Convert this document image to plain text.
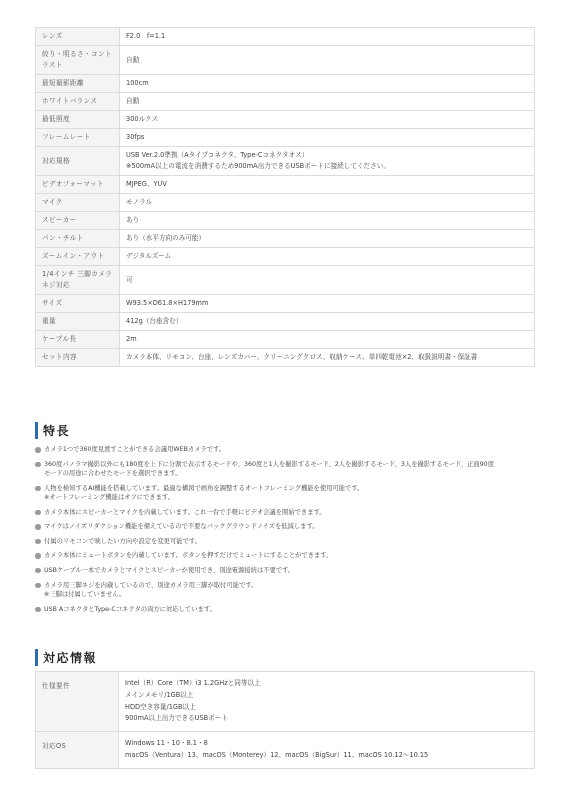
レンズ	F2.0　f=1.1

絞り・明るさ・コントラスト	自動

最短撮影距離	100cm

ホワイトバランス	自動

最低照度	300ルクス

フレームレート	30fps

対応規格	USB Ver.2.0準拠（Aタイプコネクタ、Type-Cコネクタオス）
※500mA以上の電流を消費するため900mA出力できるUSBポートに接続してください。

ビデオフォーマット	MJPEG、YUV

マイク	モノラル

スピーカー	あり

パン・チルト	あり（水平方向のみ可能）

ズームイン・アウト	デジタルズーム

1/4インチ 三脚カメラネジ対応	可

サイズ	W93.5×D61.8×H179mm

重量	412g（台座含む）

ケーブル長	2m

セット内容	カメラ本体、リモコン、台座、レンズカバー、クリーニングクロス、収納ケース、単四乾電池×2、取扱説明書・保証書
特長
カメラ1つで360度見渡すことができる会議用WEBカメラです。
360度パノラマ撮影以外にも180度を上下に分割で表示するモードや、360度と1人を撮影するモード、2人を撮影するモード、3人を撮影するモード、正面90度
モードの用途に合わせたモードを選択できます。
人物を検知するAI機能を搭載しています。最適な構図で画角を調整するオートフレーミング機能を使用可能です。
※オートフレーミング機能はオフにできます。
カメラ本体にスピーカーとマイクを内蔵しています。これ一台で手軽にビデオ会議を開始できます。
マイクはノイズリダクション機能を備えているので不要なバックグラウンドノイズを低減します。
付属のリモコンで映したい方向や設定を変更可能です。
カメラ本体にミュートボタンを内蔵しています。ボタンを押すだけでミュートにすることができます。
USBケーブル一本でカメラとマイクとスピーカーが使用でき、別途電源接続は不要です。
カメラ用三脚ネジを内蔵しているので、別途カメラ用三脚が取付可能です。
※三脚は付属していません。
USB AコネクタとType-Cコネクタの両方に対応しています。
対応情報
仕様要件	Intel（R）Core（TM）i3 1.2GHzと同等以上
メインメモリ/1GB以上
HDD空き容量/1GB以上
900mA以上出力できるUSBポート

対応OS	Windows 11・10・8.1・8
macOS（Ventura）13、macOS（Monterey）12、macOS（BigSur）11、macOS 10.12〜10.15
